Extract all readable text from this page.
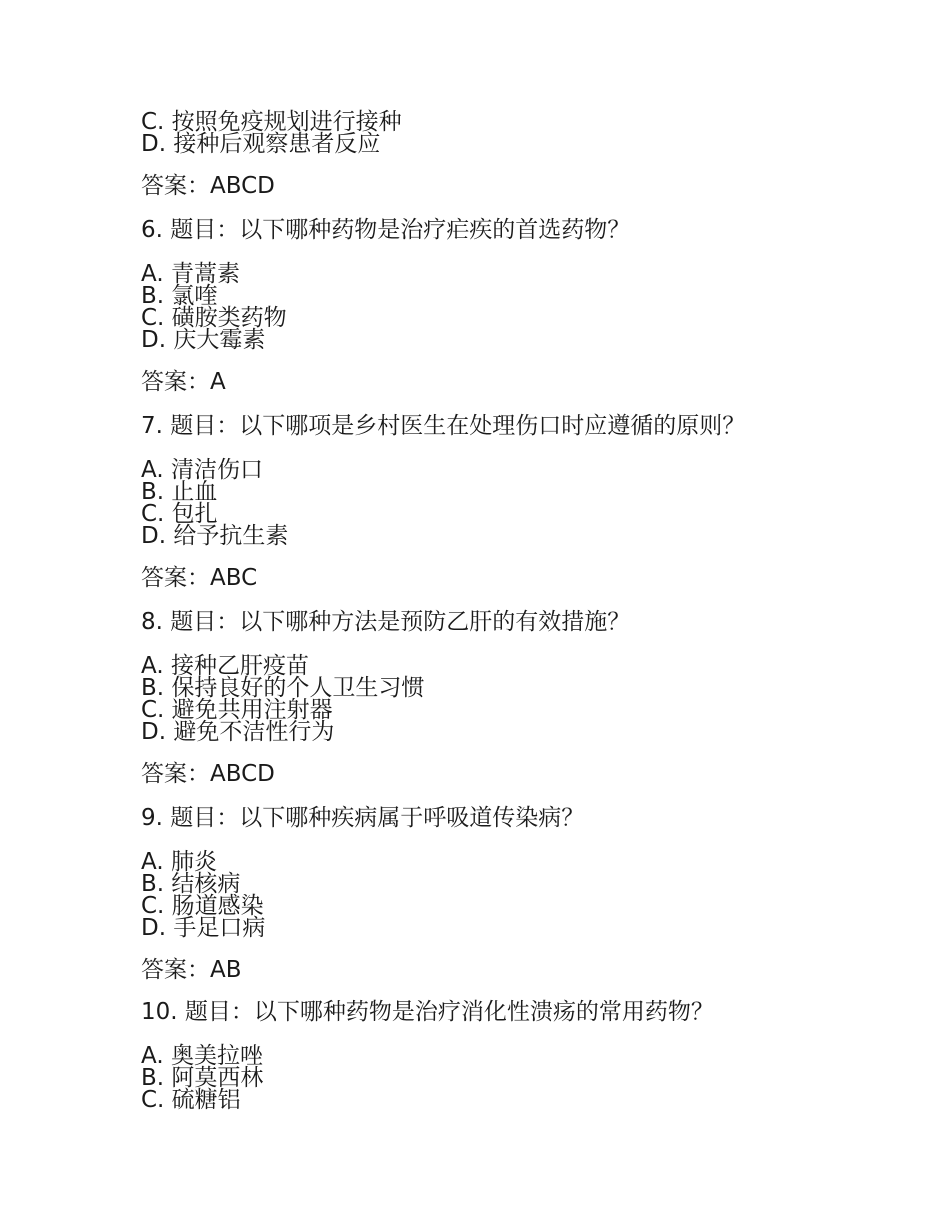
C. 按照免疫规划进行接种
D. 接种后观察患者反应
答案：ABCD
6. 题目：以下哪种药物是治疗疟疾的首选药物？
A. 青蒿素
B. 氯喹
C. 磺胺类药物
D. 庆大霉素
答案：A
7. 题目：以下哪项是乡村医生在处理伤口时应遵循的原则？
A. 清洁伤口
B. 止血
C. 包扎
D. 给予抗生素
答案：ABC
8. 题目：以下哪种方法是预防乙肝的有效措施？
A. 接种乙肝疫苗
B. 保持良好的个人卫生习惯
C. 避免共用注射器
D. 避免不洁性行为
答案：ABCD
9. 题目：以下哪种疾病属于呼吸道传染病？
A. 肺炎
B. 结核病
C. 肠道感染
D. 手足口病
答案：AB
10. 题目：以下哪种药物是治疗消化性溃疡的常用药物？
A. 奥美拉唑
B. 阿莫西林
C. 硫糖铝
